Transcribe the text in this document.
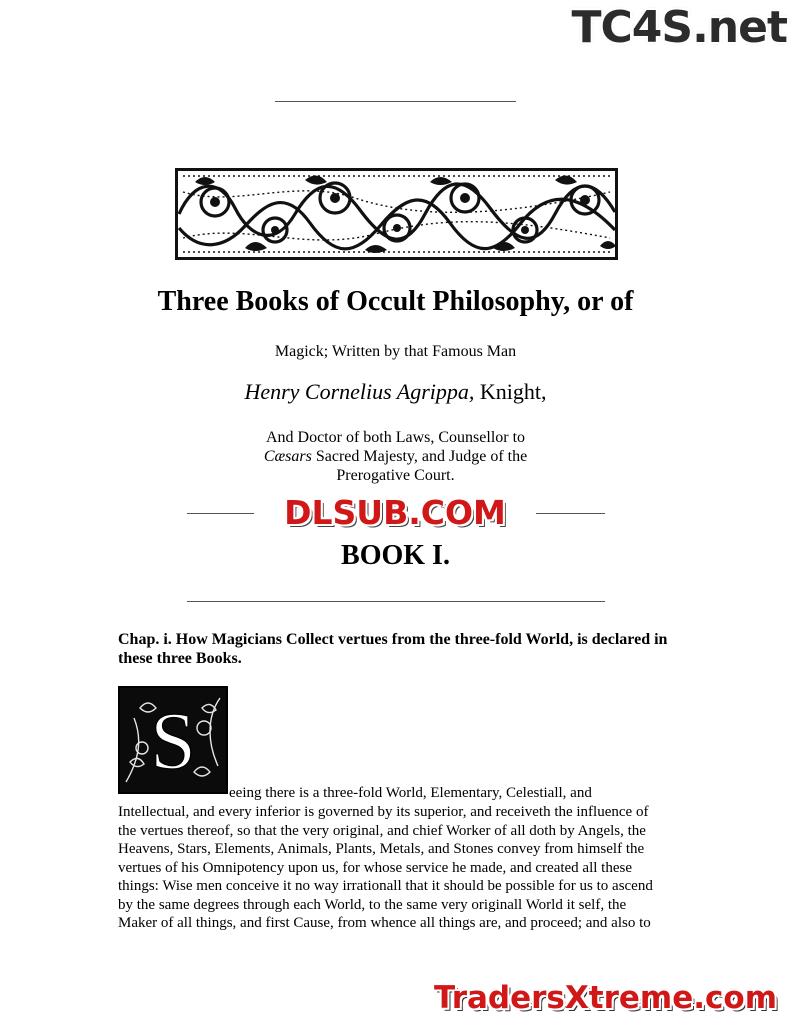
TC4S.net
Three Books of Occult Philosophy, or of
Magick; Written by that Famous Man
Henry Cornelius Agrippa, Knight,
And Doctor of both Laws, Counsellor to
Cæsars Sacred Majesty, and Judge of the
Prerogative Court.
DLSUB.COM
BOOK I.
Chap. i. How Magicians Collect vertues from the three-fold World, is declared in these three Books.
S
eeing there is a three-fold World, Elementary, Celestiall, and
Intellectual, and every inferior is governed by its superior, and receiveth the influence of
the vertues thereof, so that the very original, and chief Worker of all doth by Angels, the
Heavens, Stars, Elements, Animals, Plants, Metals, and Stones convey from himself the
vertues of his Omnipotency upon us, for whose service he made, and created all these
things: Wise men conceive it no way irrationall that it should be possible for us to ascend
by the same degrees through each World, to the same very originall World it self, the
Maker of all things, and first Cause, from whence all things are, and proceed; and also to
TradersXtreme.com
